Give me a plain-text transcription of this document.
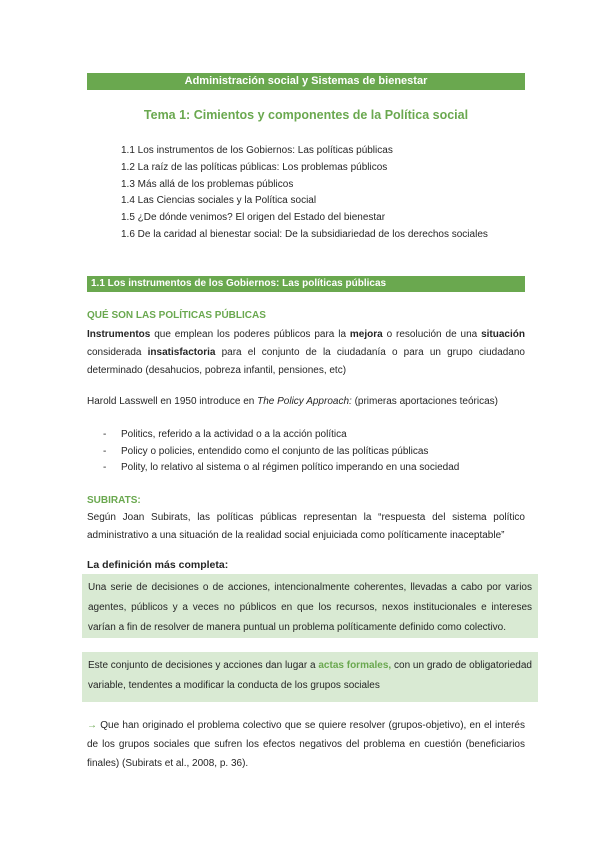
Administración social y Sistemas de bienestar
Tema 1: Cimientos y componentes de la Política social
1.1 Los instrumentos de los Gobiernos: Las políticas públicas
1.2 La raíz de las políticas públicas: Los problemas públicos
1.3 Más allá de los problemas públicos
1.4 Las Ciencias sociales y la Política social
1.5 ¿De dónde venimos? El origen del Estado del bienestar
1.6 De la caridad al bienestar social: De la subsidiariedad de los derechos sociales
1.1 Los instrumentos de los Gobiernos: Las políticas públicas
QUÉ SON LAS POLÍTICAS PÚBLICAS
Instrumentos que emplean los poderes públicos para la mejora o resolución de una situación considerada insatisfactoria para el conjunto de la ciudadanía o para un grupo ciudadano determinado (desahucios, pobreza infantil, pensiones, etc)
Harold Lasswell en 1950 introduce en The Policy Approach: (primeras aportaciones teóricas)
- Politics, referido a la actividad o a la acción política
- Policy o policies, entendido como el conjunto de las políticas públicas
- Polity, lo relativo al sistema o al régimen político imperando en una sociedad
SUBIRATS:
Según Joan Subirats, las políticas públicas representan la “respuesta del sistema político administrativo a una situación de la realidad social enjuiciada como políticamente inaceptable”
La definición más completa:
Una serie de decisiones o de acciones, intencionalmente coherentes, llevadas a cabo por varios agentes, públicos y a veces no públicos en que los recursos, nexos institucionales e intereses varían a fin de resolver de manera puntual un problema políticamente definido como colectivo.
Este conjunto de decisiones y acciones dan lugar a actas formales, con un grado de obligatoriedad variable, tendentes a modificar la conducta de los grupos sociales
→ Que han originado el problema colectivo que se quiere resolver (grupos-objetivo), en el interés de los grupos sociales que sufren los efectos negativos del problema en cuestión (beneficiarios finales) (Subirats et al., 2008, p. 36).
